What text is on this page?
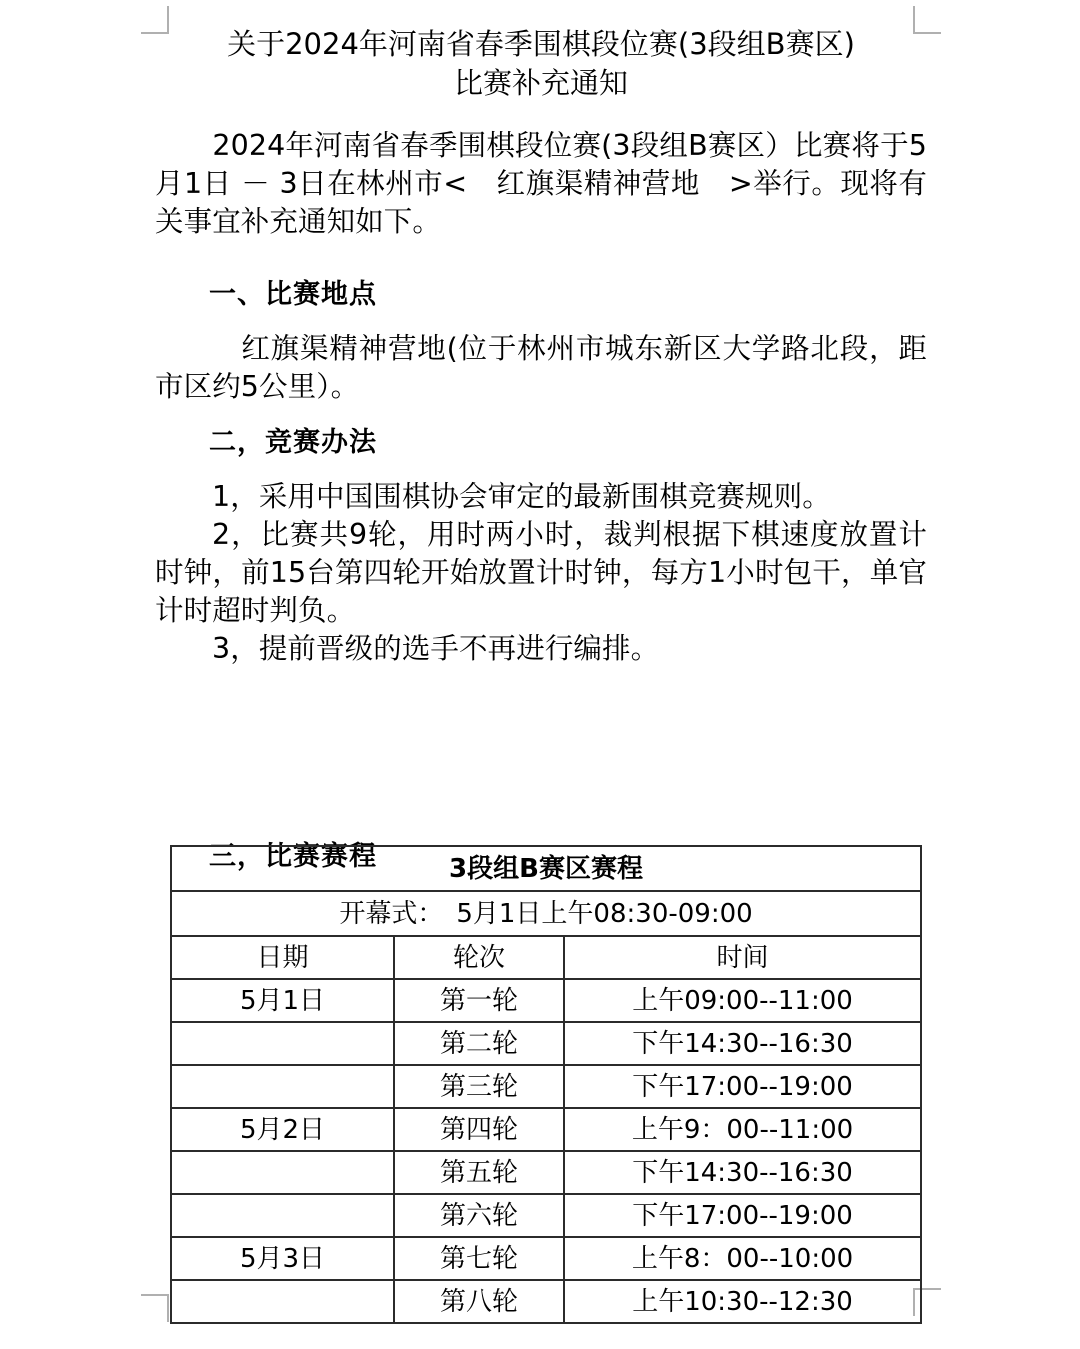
关于2024年河南省春季围棋段位赛(3段组B赛区)
比赛补充通知

　　2024年河南省春季围棋段位赛(3段组B赛区）比赛将于5月1日 － 3日在林州市<　红旗渠精神营地　>举行。现将有关事宜补充通知如下。

一、比赛地点

　红旗渠精神营地(位于林州市城东新区大学路北段，距市区约5公里）。

二，竞赛办法

1，采用中国围棋协会审定的最新围棋竞赛规则。

2，比赛共9轮，用时两小时，裁判根据下棋速度放置计时钟，前15台第四轮开始放置计时钟，每方1小时包干，单官计时超时判负。

3，提前晋级的选手不再进行编排。

三，比赛赛程	3段组B赛区赛程		
开幕式：　5月1日上午08:30-09:00		
日期	轮次	时间
5月1日	第一轮	上午09:00--11:00
	第二轮	下午14:30--16:30
	第三轮	下午17:00--19:00
5月2日	第四轮	上午9：00--11:00
	第五轮	下午14:30--16:30
	第六轮	下午17:00--19:00
5月3日	第七轮	上午8：00--10:00
	第八轮	上午10:30--12:30
